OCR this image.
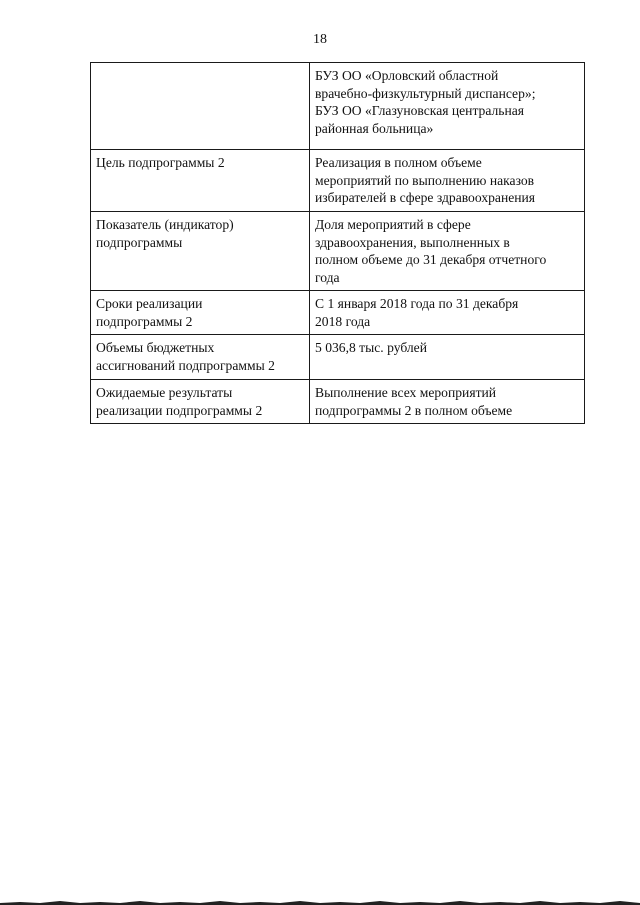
18

	БУЗ ОО «Орловский областной
врачебно-физкультурный диспансер»;
БУЗ ОО «Глазуновская центральная
районная больница»

Цель подпрограммы 2	Реализация в полном объеме
мероприятий по выполнению наказов
избирателей в сфере здравоохранения

Показатель (индикатор)
подпрограммы	Доля мероприятий в сфере
здравоохранения, выполненных в
полном объеме до 31 декабря отчетного
года

Сроки реализации
подпрограммы 2	С 1 января 2018 года по 31 декабря
2018 года

Объемы бюджетных
ассигнований подпрограммы 2	5 036,8 тыс. рублей

Ожидаемые результаты
реализации подпрограммы 2	Выполнение всех мероприятий
подпрограммы 2 в полном объеме
